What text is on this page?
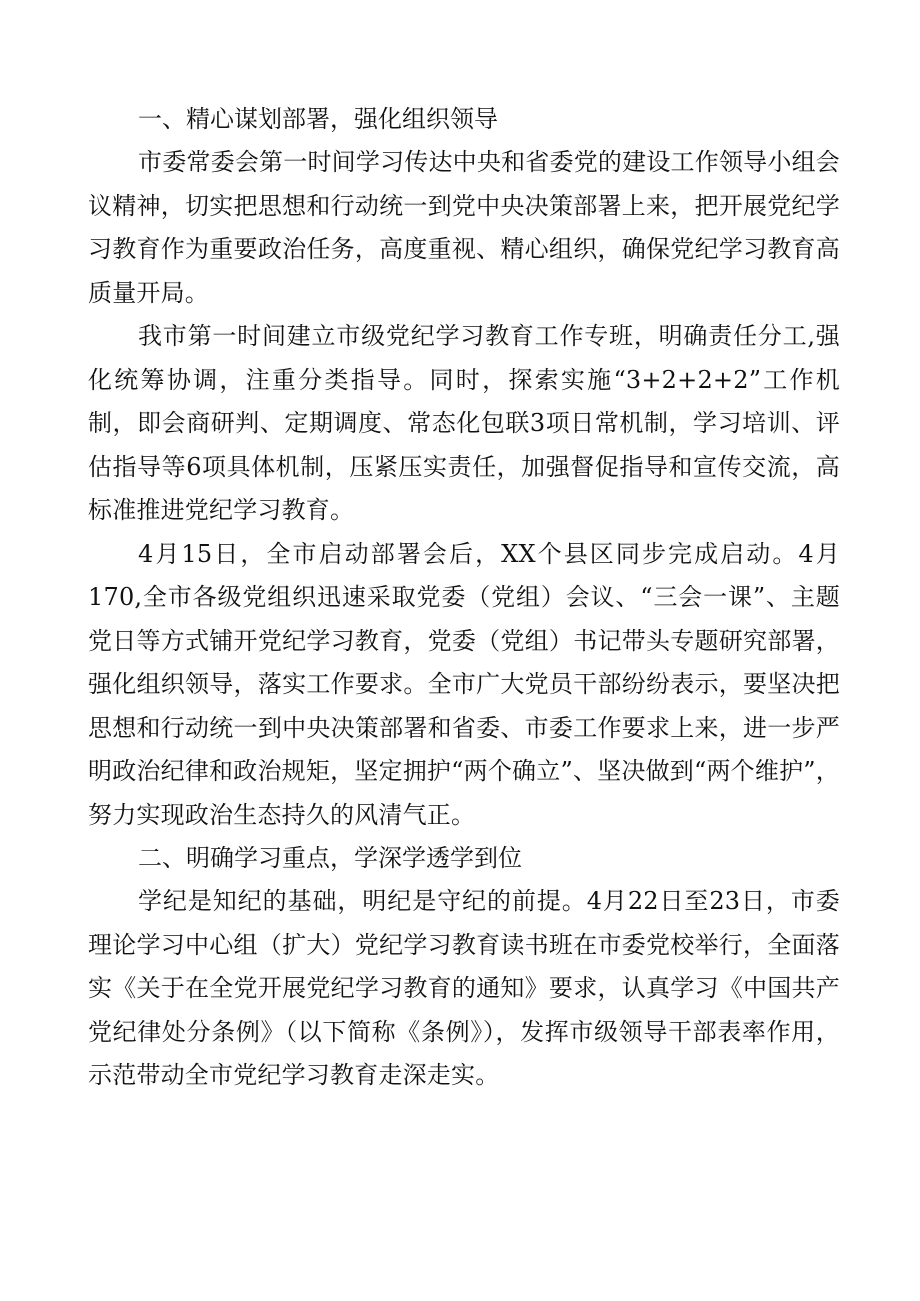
一、精心谋划部署，强化组织领导

市委常委会第一时间学习传达中央和省委党的建设工作领导小组会议精神，切实把思想和行动统一到党中央决策部署上来，把开展党纪学习教育作为重要政治任务，高度重视、精心组织，确保党纪学习教育高质量开局。

我市第一时间建立市级党纪学习教育工作专班，明确责任分工,强化统筹协调，注重分类指导。同时，探索实施“3+2+2+2”工作机制，即会商研判、定期调度、常态化包联3项日常机制，学习培训、评估指导等6项具体机制，压紧压实责任，加强督促指导和宣传交流，高标准推进党纪学习教育。

4月15日，全市启动部署会后，XX个县区同步完成启动。4月170,全市各级党组织迅速采取党委（党组）会议、“三会一课”、主题党日等方式铺开党纪学习教育，党委（党组）书记带头专题研究部署，强化组织领导，落实工作要求。全市广大党员干部纷纷表示，要坚决把思想和行动统一到中央决策部署和省委、市委工作要求上来，进一步严明政治纪律和政治规矩，坚定拥护“两个确立”、坚决做到“两个维护”，努力实现政治生态持久的风清气正。

二、明确学习重点，学深学透学到位

学纪是知纪的基础，明纪是守纪的前提。4月22日至23日，市委理论学习中心组（扩大）党纪学习教育读书班在市委党校举行，全面落实《关于在全党开展党纪学习教育的通知》要求，认真学习《中国共产党纪律处分条例》（以下简称《条例》），发挥市级领导干部表率作用，示范带动全市党纪学习教育走深走实。
